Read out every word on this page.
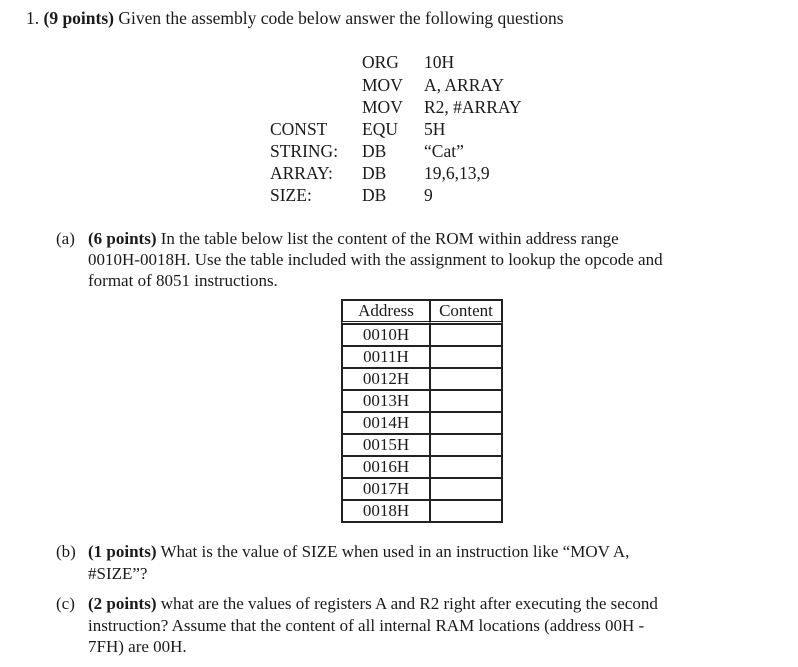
1. (9 points) Given the assembly code below answer the following questions
ORG 10H
MOV A, ARRAY
MOV R2, #ARRAY
CONST EQU 5H
STRING: DB “Cat”
ARRAY: DB 19,6,13,9
SIZE:	DB 9
(a) (6 points) In the table below list the content of the ROM within address range
0010H-0018H. Use the table included with the assignment to lookup the opcode and
format of 8051 instructions.
Address	Content
0010H	
0011H	
0012H	
0013H	
0014H	
0015H	
0016H	
0017H	
0018H	
(b) (1 points) What is the value of SIZE when used in an instruction like “MOV A,
#SIZE”?
(c) (2 points) what are the values of registers A and R2 right after executing the second
instruction? Assume that the content of all internal RAM locations (address 00H -
7FH) are 00H.
